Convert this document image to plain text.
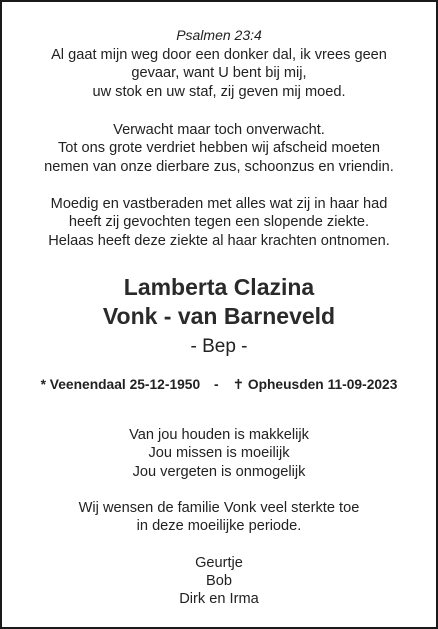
Psalmen 23:4

Al gaat mijn weg door een donker dal, ik vrees geen

gevaar, want U bent bij mij,

uw stok en uw staf, zij geven mij moed.

Verwacht maar toch onverwacht.

Tot ons grote verdriet hebben wij afscheid moeten

nemen van onze dierbare zus, schoonzus en vriendin.

Moedig en vastberaden met alles wat zij in haar had

heeft zij gevochten tegen een slopende ziekte.

Helaas heeft deze ziekte al haar krachten ontnomen.

Lamberta Clazina
Vonk - van Barneveld
- Bep -
* Veenendaal 25-12-1950 - ✝ Opheusden 11-09-2023

Van jou houden is makkelijk

Jou missen is moeilijk

Jou vergeten is onmogelijk

Wij wensen de familie Vonk veel sterkte toe

in deze moeilijke periode.

Geurtje

Bob

Dirk en Irma
